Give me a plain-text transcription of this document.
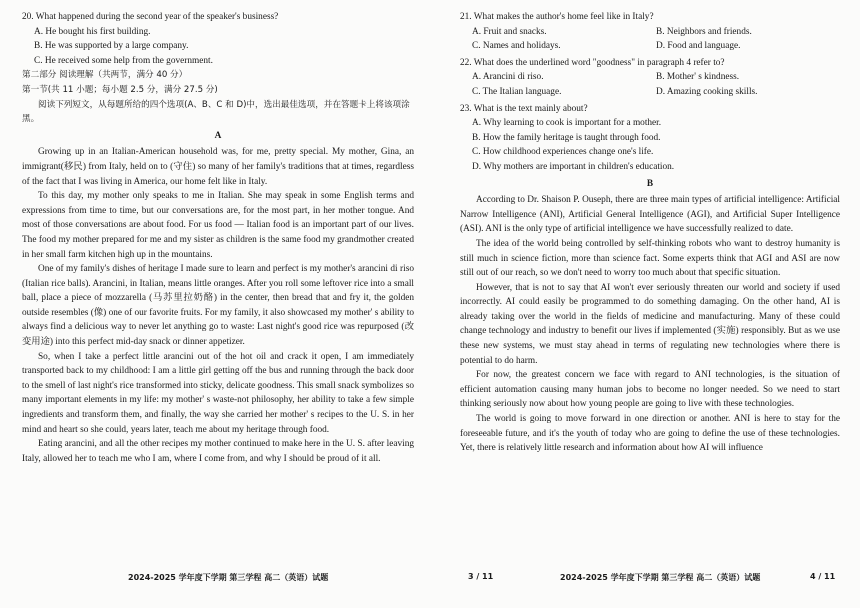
20. What happened during the second year of the speaker's business?
A. He bought his first building.
B. He was supported by a large company.
C. He received some help from the government.
第二部分 阅读理解（共两节，满分 40 分）
第一节(共 11 小题；每小题 2.5 分，满分 27.5 分)
阅读下列短文，从每题所给的四个选项(A、B、C 和 D)中，选出最佳选项，并在答题卡上将该项涂黑。
A

Growing up in an Italian-American household was, for me, pretty special. My mother, Gina, an immigrant(移民) from Italy, held on to (守住) so many of her family's traditions that at times, regardless of the fact that I was living in America, our home felt like in Italy.

To this day, my mother only speaks to me in Italian. She may speak in some English terms and expressions from time to time, but our conversations are, for the most part, in her mother tongue. And most of those conversations are about food. For us food — Italian food is an important part of our lives. The food my mother prepared for me and my sister as children is the same food my grandmother created in her small farm kitchen high up in the mountains.

One of my family's dishes of heritage I made sure to learn and perfect is my mother's arancini di riso (Italian rice balls). Arancini, in Italian, means little oranges. After you roll some leftover rice into a small ball, place a piece of mozzarella (马苏里拉奶酪) in the center, then bread that and fry it, the golden outside resembles (像) one of our favorite fruits. For my family, it also showcased my mother' s ability to always find a delicious way to never let anything go to waste: Last night's good rice was repurposed (改变用途) into this perfect mid-day snack or dinner appetizer.

So, when I take a perfect little arancini out of the hot oil and crack it open, I am immediately transported back to my childhood: I am a little girl getting off the bus and running through the back door to the smell of last night's rice transformed into sticky, delicate goodness. This small snack symbolizes so many important elements in my life: my mother' s waste-not philosophy, her ability to take a few simple ingredients and transform them, and finally, the way she carried her mother' s recipes to the U. S. in her mind and heart so she could, years later, teach me about my heritage through food.

Eating arancini, and all the other recipes my mother continued to make here in the U. S. after leaving Italy, allowed her to teach me who I am, where I come from, and why I should be proud of it all.

2024-2025 学年度下学期 第三学程 高二（英语）试题	3 / 11
21. What makes the author's home feel like in Italy?
A. Fruit and snacks.	B. Neighbors and friends.
C. Names and holidays.	D. Food and language.
22. What does the underlined word "goodness" in paragraph 4 refer to?
A. Arancini di riso.	B. Mother' s kindness.
C. The Italian language.	D. Amazing cooking skills.
23. What is the text mainly about?
A. Why learning to cook is important for a mother.
B. How the family heritage is taught through food.
C. How childhood experiences change one's life.
D. Why mothers are important in children's education.
B

According to Dr. Shaison P. Ouseph, there are three main types of artificial intelligence: Artificial Narrow Intelligence (ANI), Artificial General Intelligence (AGI), and Artificial Super Intelligence (ASI). ANI is the only type of artificial intelligence we have successfully realized to date.

The idea of the world being controlled by self-thinking robots who want to destroy humanity is still much in science fiction, more than science fact. Some experts think that AGI and ASI are now still out of our reach, so we don't need to worry too much about that specific situation.

However, that is not to say that AI won't ever seriously threaten our world and society if used incorrectly. AI could easily be programmed to do something damaging. On the other hand, AI is already taking over the world in the fields of medicine and manufacturing. Many of these could change technology and industry to benefit our lives if implemented (实施) responsibly. But as we use these new systems, we must stay ahead in terms of regulating new technologies where there is potential to do harm.

For now, the greatest concern we face with regard to ANI technologies, is the situation of efficient automation causing many human jobs to become no longer needed. So we need to start thinking seriously now about how young people are going to live with these technologies.

The world is going to move forward in one direction or another. ANI is here to stay for the foreseeable future, and it's the youth of today who are going to define the use of these technologies. Yet, there is relatively little research and information about how AI will influence

2024-2025 学年度下学期 第三学程 高二（英语）试题	4 / 11
